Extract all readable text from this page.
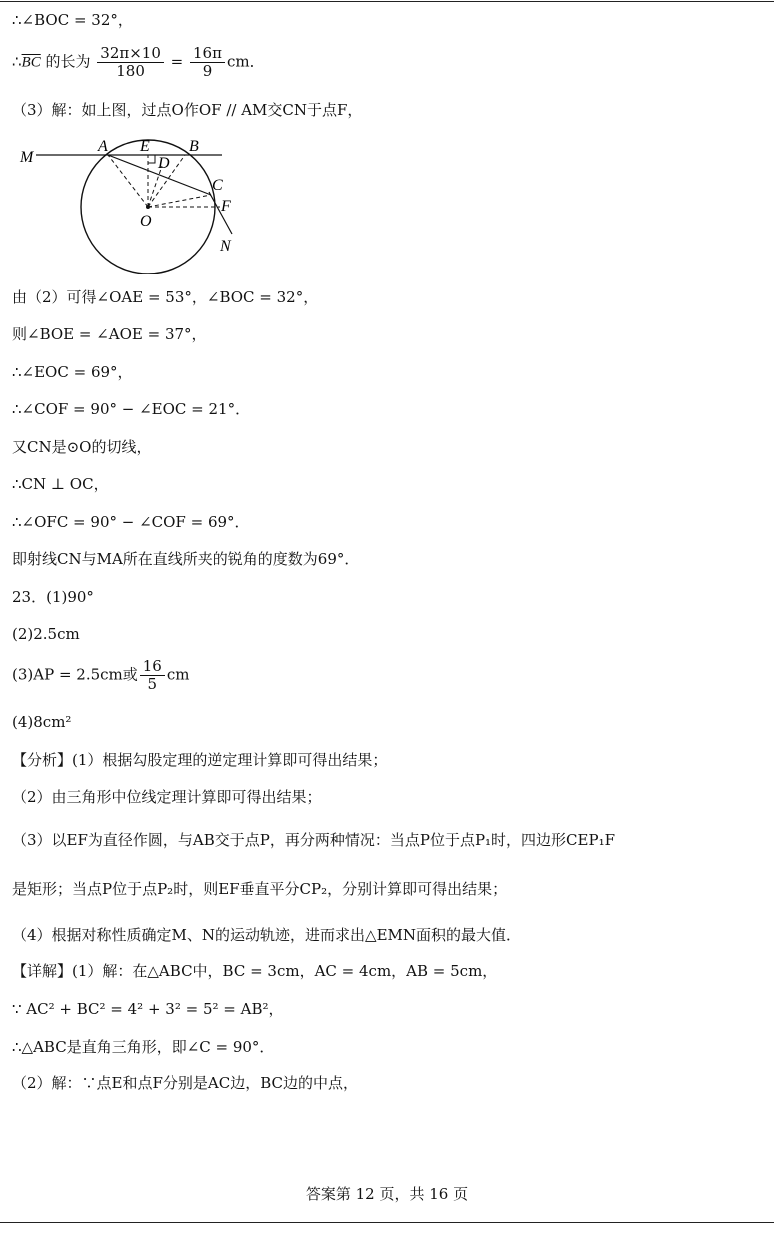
∴∠BOC = 32°，
$\therefore\overline{BC}$ 的长为 $\frac{32\pi\times 10}{180} = \frac{16\pi}{9}$ cm．
（3）解：如上图，过点O作OF // AM交CN于点F，
M
A E B
D
C
F
O
N
由（2）可得∠OAE = 53°，∠BOC = 32°，
则∠BOE = ∠AOE = 37°，
∴∠EOC = 69°，
∴∠COF = 90° − ∠EOC = 21°．
又CN是⊙O的切线，
∴CN ⊥ OC，
∴∠OFC = 90° − ∠COF = 69°．
即射线CN与MA所在直线所夹的锐角的度数为69°．
23．(1)90°
(2)2.5cm
(3)AP = 2.5cm或 $\frac{16}{5}$ cm
(4)8cm²
【分析】(1）根据勾股定理的逆定理计算即可得出结果；
（2）由三角形中位线定理计算即可得出结果；
（3）以EF为直径作圆，与AB交于点P，再分两种情况：当点P位于点P₁时，四边形CEP₁F
是矩形；当点P位于点P₂时，则EF垂直平分CP₂，分别计算即可得出结果；
（4）根据对称性质确定M、N的运动轨迹，进而求出△EMN面积的最大值．
【详解】(1）解：在△ABC中，BC = 3cm，AC = 4cm，AB = 5cm，
∵ AC² + BC² = 4² + 3² = 5² = AB²，
∴△ABC是直角三角形，即∠C = 90°．
（2）解：∵点E和点F分别是AC边，BC边的中点，
答案第 12 页，共 16 页
